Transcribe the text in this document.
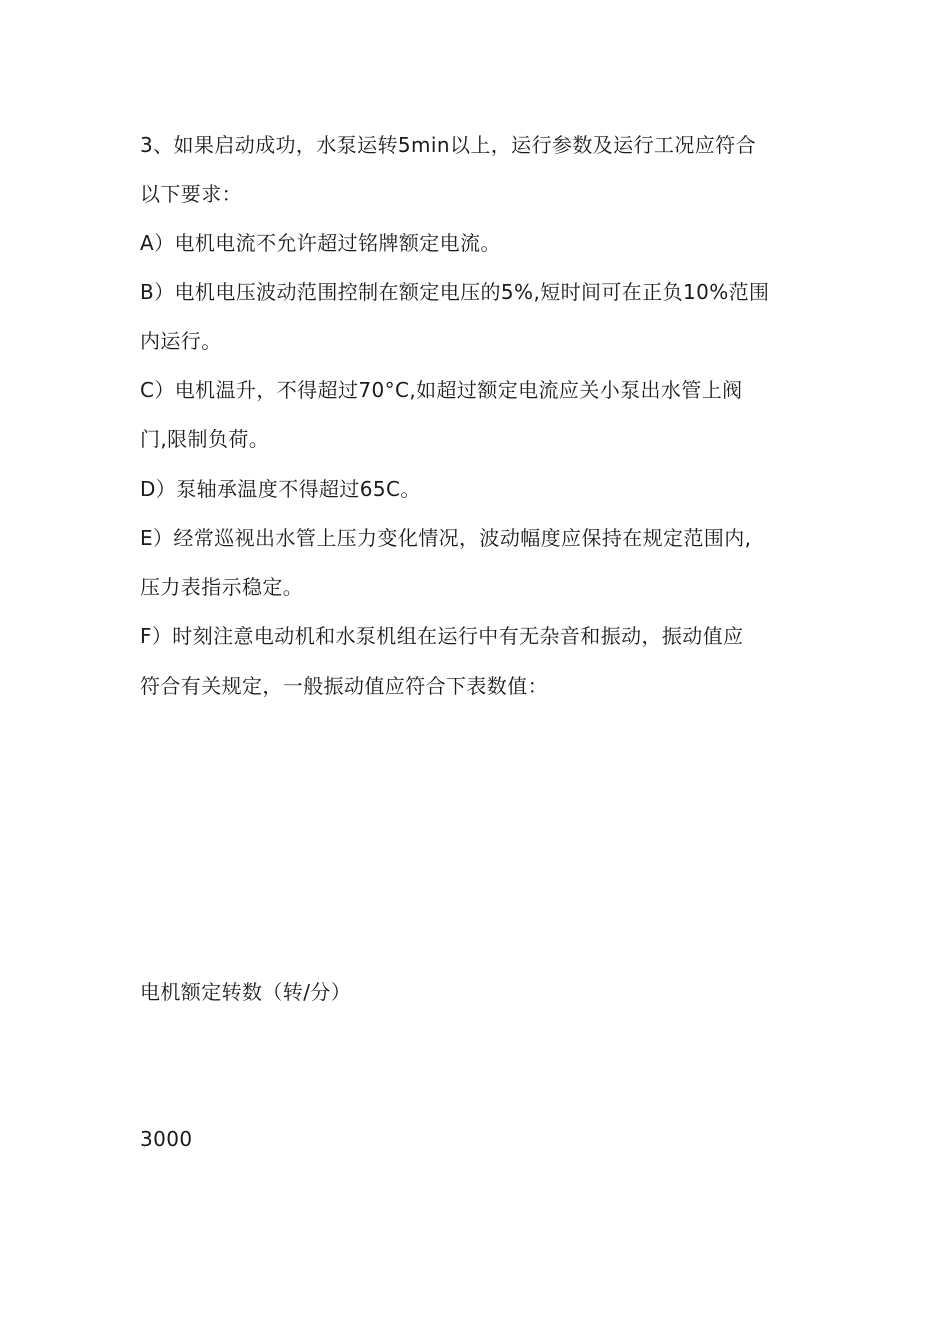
3、如果启动成功，水泵运转5min以上，运行参数及运行工况应符合
以下要求：
A）电机电流不允许超过铭牌额定电流。
B）电机电压波动范围控制在额定电压的5%,短时间可在正负10%范围
内运行。
C）电机温升，不得超过70°C,如超过额定电流应关小泵出水管上阀
门,限制负荷。
D）泵轴承温度不得超过65C。
E）经常巡视出水管上压力变化情况，波动幅度应保持在规定范围内,
压力表指示稳定。
F）时刻注意电动机和水泵机组在运行中有无杂音和振动，振动值应
符合有关规定，一般振动值应符合下表数值：
电机额定转数（转/分）
3000
